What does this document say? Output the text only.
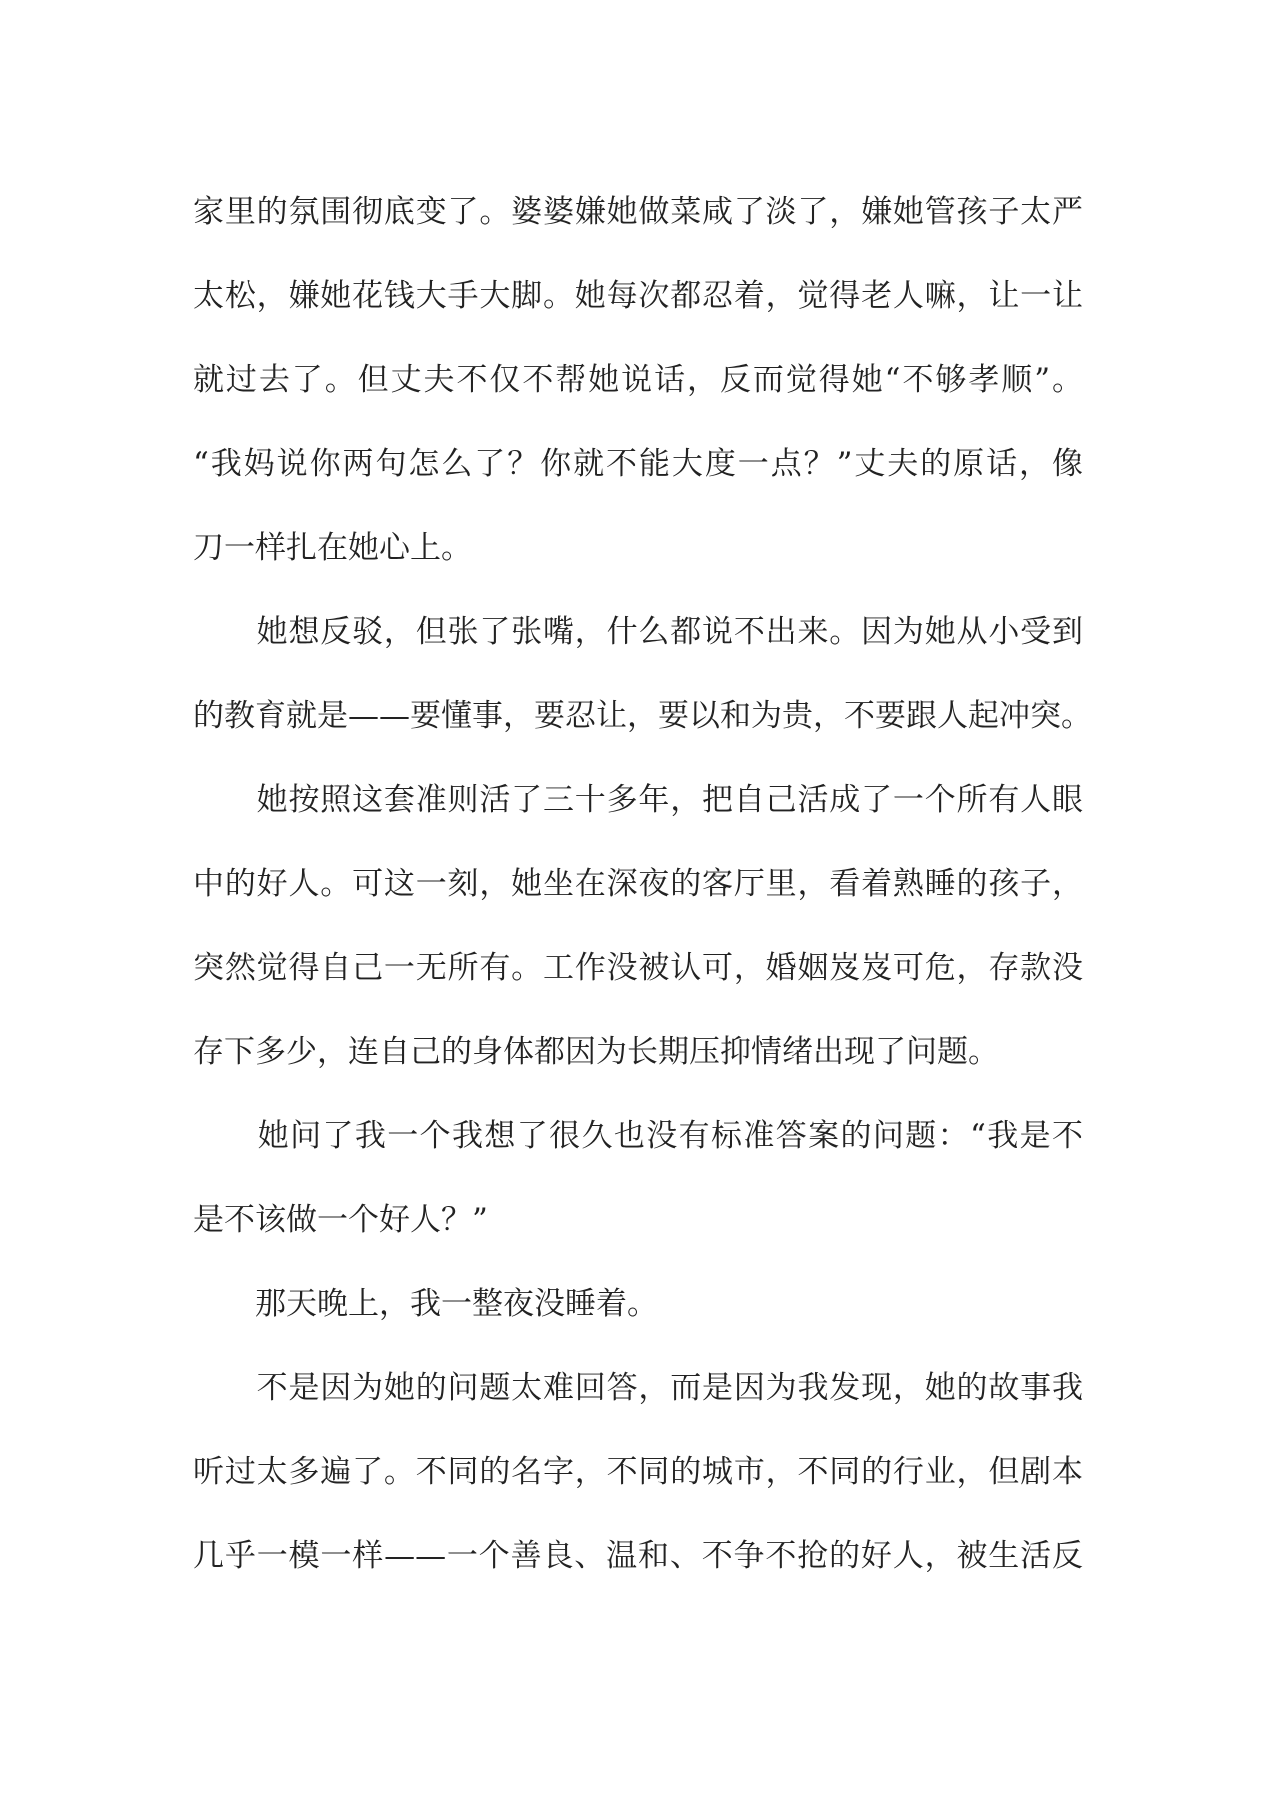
家里的氛围彻底变了。婆婆嫌她做菜咸了淡了，嫌她管孩子太严
太松，嫌她花钱大手大脚。她每次都忍着，觉得老人嘛，让一让
就过去了。但丈夫不仅不帮她说话，反而觉得她“不够孝顺”。
“我妈说你两句怎么了？你就不能大度一点？”丈夫的原话，像
刀一样扎在她心上。
　　她想反驳，但张了张嘴，什么都说不出来。因为她从小受到
的教育就是——要懂事，要忍让，要以和为贵，不要跟人起冲突。
　　她按照这套准则活了三十多年，把自己活成了一个所有人眼
中的好人。可这一刻，她坐在深夜的客厅里，看着熟睡的孩子，
突然觉得自己一无所有。工作没被认可，婚姻岌岌可危，存款没
存下多少，连自己的身体都因为长期压抑情绪出现了问题。
　　她问了我一个我想了很久也没有标准答案的问题：“我是不
是不该做一个好人？”
　　那天晚上，我一整夜没睡着。
　　不是因为她的问题太难回答，而是因为我发现，她的故事我
听过太多遍了。不同的名字，不同的城市，不同的行业，但剧本
几乎一模一样——一个善良、温和、不争不抢的好人，被生活反
